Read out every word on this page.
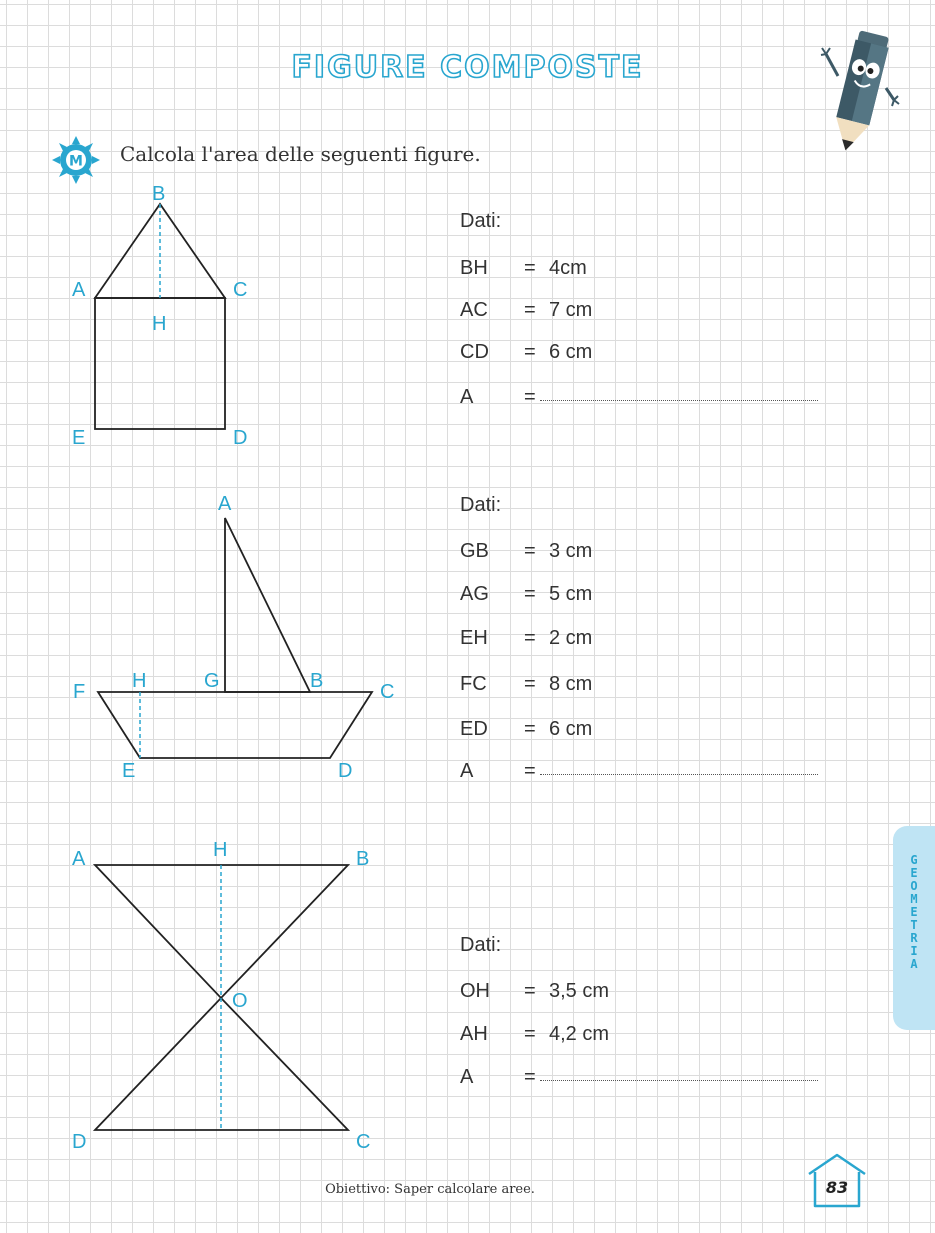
FIGURE COMPOSTE
M Calcola l'area delle seguenti figure.
B
A	C
H
E	D
Dati:
BH	= 4cm
AC	= 7 cm
CD	= 6 cm
A	=
A
F H	G	B	C
E	D
Dati:
GB	= 3 cm
AG	= 5 cm
EH	= 2 cm
FC	= 8 cm
ED	= 6 cm
A	=
A	H	B
O
D	C
Dati:
OH	= 3,5 cm
AH	= 4,2 cm
A	=
G
E
O
M
E
T
R
I
A
Obiettivo: Saper calcolare aree.	83
